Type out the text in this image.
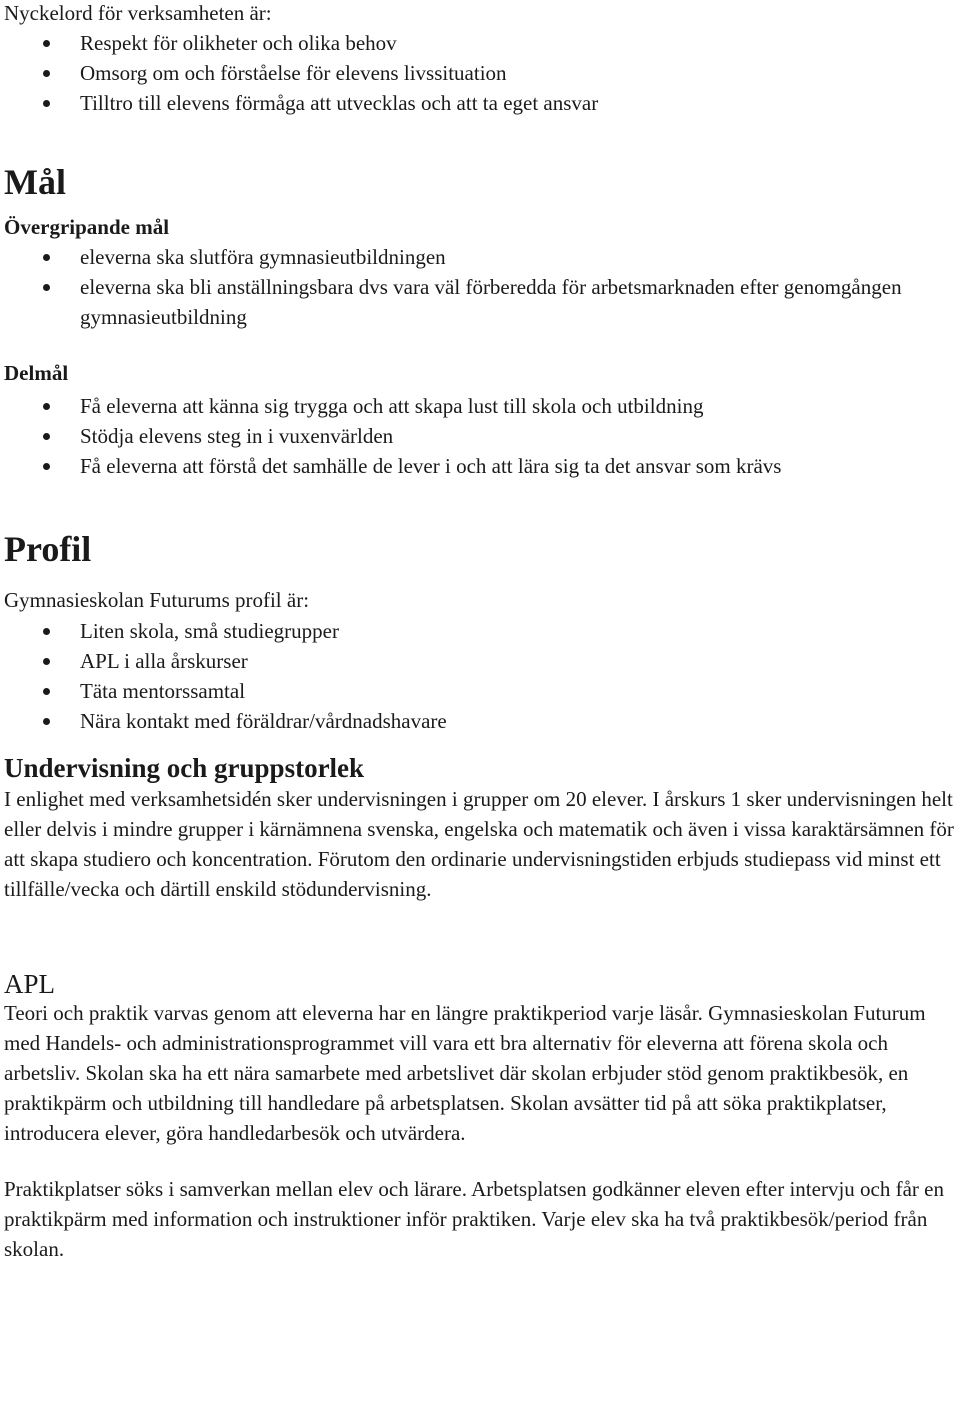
Nyckelord för verksamheten är:

Respekt för olikheter och olika behov
Omsorg om och förståelse för elevens livssituation
Tilltro till elevens förmåga att utvecklas och att ta eget ansvar
Mål
Övergripande mål
eleverna ska slutföra gymnasieutbildningen
eleverna ska bli anställningsbara dvs vara väl förberedda för arbetsmarknaden efter genomgången gymnasieutbildning
Delmål
Få eleverna att känna sig trygga och att skapa lust till skola och utbildning
Stödja elevens steg in i vuxenvärlden
Få eleverna att förstå det samhälle de lever i och att lära sig ta det ansvar som krävs
Profil

Gymnasieskolan Futurums profil är:

Liten skola, små studiegrupper
APL i alla årskurser
Täta mentorssamtal
Nära kontakt med föräldrar/vårdnadshavare
Undervisning och gruppstorlek

I enlighet med verksamhetsidén sker undervisningen i grupper om 20 elever. I årskurs 1 sker undervisningen helt eller delvis i mindre grupper i kärnämnena svenska, engelska och matematik och även i vissa karaktärsämnen för att skapa studiero och koncentration. Förutom den ordinarie undervisningstiden erbjuds studiepass vid minst ett tillfälle/vecka och därtill enskild stödundervisning.

APL

Teori och praktik varvas genom att eleverna har en längre praktikperiod varje läsår. Gymnasieskolan Futurum med Handels- och administrationsprogrammet vill vara ett bra alternativ för eleverna att förena skola och arbetsliv. Skolan ska ha ett nära samarbete med arbetslivet där skolan erbjuder stöd genom praktikbesök, en praktikpärm och utbildning till handledare på arbetsplatsen. Skolan avsätter tid på att söka praktikplatser, introducera elever, göra handledarbesök och utvärdera.

Praktikplatser söks i samverkan mellan elev och lärare. Arbetsplatsen godkänner eleven efter intervju och får en praktikpärm med information och instruktioner inför praktiken. Varje elev ska ha två praktikbesök/period från skolan.
